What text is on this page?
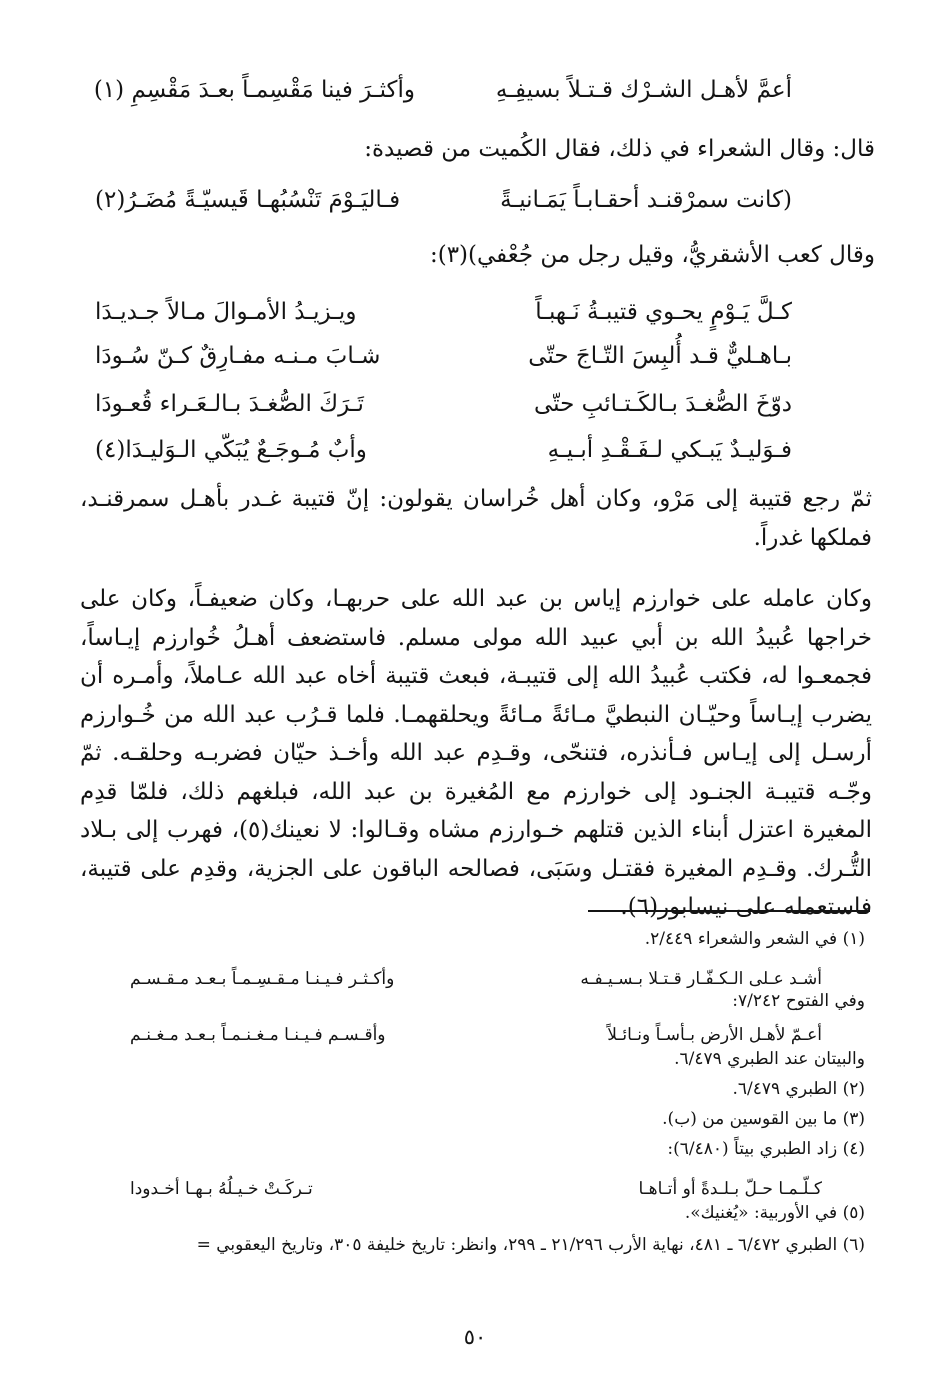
أعمَّ لأهـل الشـرْك قـتـلاً بسيفِـهِ
وأكثـرَ فينا مَقْسِمـاً بعـدَ مَقْسِمِ (١)
قال: وقال الشعراء في ذلك، فقال الكُميت من قصيدة:
(كانت سمرْقنـد أحقـابـاً يَمَـانيـةً
فـاليَـوْمَ تَنْسُبُهـا قَيسيّـةً مُضَـرُ(٢)
وقال كعب الأشقريُّ، وقيل رجل من جُعْفي)(٣):
كـلَّ يَـوْمٍ يحـوي قتيبـةُ نَـهبـاً
ويـزيـدُ الأمـوالَ مـالاً جـديـدَا
بـاهـليٌّ قـد أُلبِسَ التّـاجَ حتّى
شـابَ مـنـه مفـارِقٌ كـنّ سُـودَا
دوّخَ الصُّغـدَ بـالكَـتـائبِ حتّى
تَـرَكَ الصُّغـدَ بـالـعَـراء قُعـودَا
فـوَليـدٌ يَبـكي لـفَـقْـدِ أبـيـهِ
وأبٌ مُـوجَـعٌ يُبَكّي الـوَليـدَا(٤)
ثمّ رجع قتيبة إلى مَرْو، وكان أهل خُراسان يقولون: إنّ قتيبة غـدر بأهـل سمرقنـد، فملكها غدراً.
وكان عامله على خوارزم إياس بن عبد الله على حربهـا، وكان ضعيفـاً، وكان على خراجها عُبيدُ الله بن أبي عبيد الله مولى مسلم. فاستضعف أهـلُ خُوارزم إيـاساً، فجمعـوا له، فكتب عُبيدُ الله إلى قتيبـة، فبعث قتيبة أخاه عبد الله عـاملاً، وأمـره أن يضرب إيـاساً وحيّـان النبطيَّ مـائةً مـائةً ويحلقهمـا. فلما قـرُب عبد الله من خُـوارزم أرسـل إلى إيـاس فـأنذره، فتنحّى، وقـدِم عبد الله وأخـذ حيّان فضربـه وحلقـه. ثمّ وجّـه قتيبـة الجنـود إلى خوارزم مع المُغيرة بن عبد الله، فبلغهم ذلك، فلمّا قدِم المغيرة اعتزل أبناء الذين قتلهم خـوارزم مشاه وقـالوا: لا نعينك(٥)، فهرب إلى بـلاد التُّـرك. وقـدِم المغيرة فقتـل وسَبَى، فصالحه الباقون على الجزية، وقدِم على قتيبة، فاستعمله على نيسابور(٦).
(١) في الشعر والشعراء ٢/٤٤٩.
أشـد عـلى الـكـفّـار قـتـلا بـسـيـفـه
وأكـثـر فـيـنـا مـقـسِـمـاً بـعـد مـقـسـم
وفي الفتوح ٧/٢٤٢:
أعـمّ لأهـل الأرض بـأسـاً ونـائـلاً
وأقـسـم فـيـنـا مـغـنـمـاً بـعـد مـغـنـم
والبيتان عند الطبري ٦/٤٧٩.
(٢) الطبري ٦/٤٧٩.
(٣) ما بين القوسين من (ب).
(٤) زاد الطبري بيتاً (٦/٤٨٠):
كـلّـمـا حـلّ بـلـدةً أو أتـاهـا
تـركَـتْ خـيـلُهُ بـهـا أخـدودا
(٥) في الأوربية: «يُغنيك».
(٦) الطبري ٦/٤٧٢ ـ ٤٨١، نهاية الأرب ٢١/٢٩٦ ـ ٢٩٩، وانظر: تاريخ خليفة ٣٠٥، وتاريخ اليعقوبي =
٥٠
